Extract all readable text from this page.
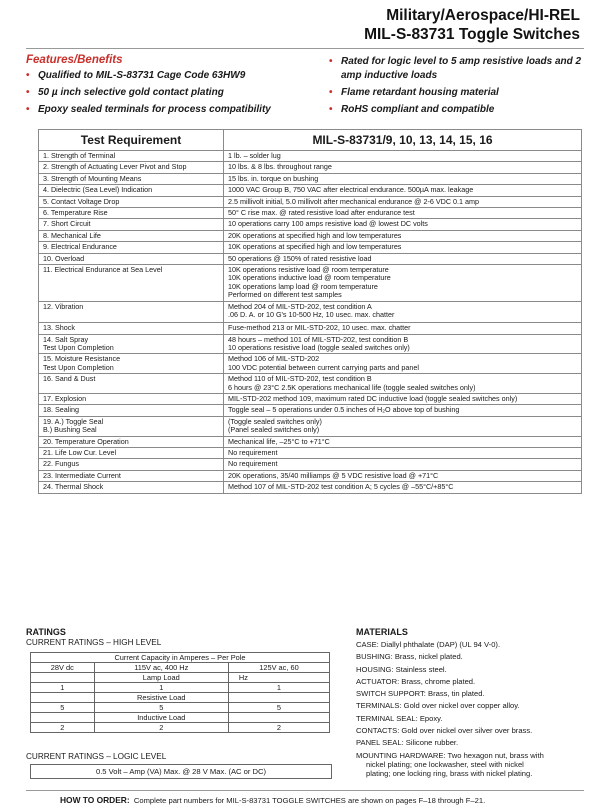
Military/Aerospace/HI-REL
MIL-S-83731 Toggle Switches
Features/Benefits
• Qualified to MIL-S-83731 Cage Code 63HW9
• 50 µ inch selective gold contact plating
• Epoxy sealed terminals for process compatibility
• Rated for logic level to 5 amp resistive loads and 2 amp inductive loads
• Flame retardant housing material
• RoHS compliant and compatible
Test Requirement	MIL-S-83731/9, 10, 13, 14, 15, 16

1. Strength of Terminal	1 lb. – solder lug

2. Strength of Actuating Lever Pivot and Stop	10 lbs. & 8 lbs. throughout range

3. Strength of Mounting Means	15 lbs. in. torque on bushing

4. Dielectric (Sea Level) Indication	1000 VAC Group B, 750 VAC after electrical endurance. 500µA max. leakage

5. Contact Voltage Drop	2.5 millivolt initial, 5.0 millivolt after mechanical endurance @ 2-6 VDC 0.1 amp

6. Temperature Rise	50° C rise max. @ rated resistive load after endurance test

7. Short Circuit	10 operations carry 100 amps resistive load @ lowest DC volts

8. Mechanical Life	20K operations at specified high and low temperatures

9. Electrical Endurance	10K operations at specified high and low temperatures

10. Overload	50 operations @ 150% of rated resistive load

11. Electrical Endurance at Sea Level	10K operations resistive load @ room temperature
10K operations inductive load @ room temperature
10K operations lamp load @ room temperature
Performed on different test samples

12. Vibration	Method 204 of MIL-STD-202, test condition A
.06 D. A. or 10 G's 10-500 Hz, 10 usec. max. chatter

13. Shock	Fuse-method 213 or MIL-STD-202, 10 usec. max. chatter

14. Salt Spray
Test Upon Completion	48 hours – method 101 of MIL-STD-202, test condition B
10 operations resistive load (toggle sealed switches only)

15. Moisture Resistance
Test Upon Completion	Method 106 of MIL-STD-202
100 VDC potential between current carrying parts and panel

16. Sand & Dust	Method 110 of MIL-STD-202, test condition B
6 hours @ 23°C 2.5K operations mechanical life (toggle sealed switches only)

17. Explosion	MIL-STD-202 method 109, maximum rated DC inductive load (toggle sealed switches only)

18. Sealing	Toggle seal – 5 operations under 0.5 inches of H₂O above top of bushing

19. A.) Toggle Seal
B.) Bushing Seal	(Toggle sealed switches only)
(Panel sealed switches only)

20. Temperature Operation	Mechanical life, –25°C to +71°C

21. Life Low Cur. Level	No requirement

22. Fungus	No requirement

23. Intermediate Current	20K operations, 35/40 milliamps @ 5 VDC resistive load @ +71°C

24. Thermal Shock	Method 107 of MIL-STD-202 test condition A; 5 cycles @ –55°C/+85°C
RATINGS
CURRENT RATINGS – HIGH LEVEL
Current Capacity in Amperes – Per Pole		
28V dc	115V ac, 400 Hz	125V ac, 60
	Lamp Load	Hz
1	1	1
	Resistive Load	
5	5	5
	Inductive Load	
2	2	2
CURRENT RATINGS – LOGIC LEVEL
0.5 Volt – Amp (VA) Max. @ 28 V Max. (AC or DC)
MATERIALS
CASE: Diallyl phthalate (DAP) (UL 94 V-0).
BUSHING: Brass, nickel plated.
HOUSING: Stainless steel.
ACTUATOR: Brass, chrome plated.
SWITCH SUPPORT: Brass, tin plated.
TERMINALS: Gold over nickel over copper alloy.
TERMINAL SEAL: Epoxy.
CONTACTS: Gold over nickel over silver over brass.
PANEL SEAL: Silicone rubber.
MOUNTING HARDWARE: Two hexagon nut, brass with
nickel plating; one lockwasher, steel with nickel
plating; one locking ring, brass with nickel plating.
HOW TO ORDER: Complete part numbers for MIL-S-83731 TOGGLE SWITCHES are shown on pages F–18 through F–21.
